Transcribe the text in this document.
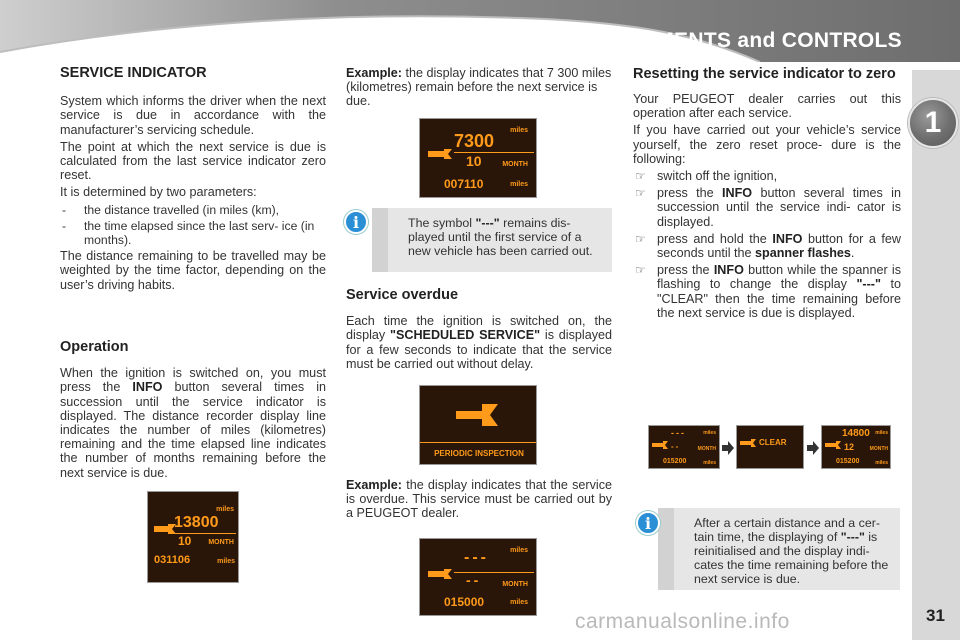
INSTRUMENTS and CONTROLS
1
SERVICE INDICATOR

System which informs the driver when the next service is due in accordance with the manufacturer’s servicing schedule.

The point at which the next service is due is calculated from the last service indicator zero reset.

It is determined by two parameters:

- the distance travelled (in miles (km),
- the time elapsed since the last serv- ice (in months).

The distance remaining to be travelled may be weighted by the time factor, depending on the user’s driving habits.

Operation

When the ignition is switched on, you must press the INFO button several times in succession until the service indicator is displayed. The distance recorder display line indicates the number of miles (kilometres) remaining and the time elapsed line indicates the number of months remaining before the next service is due.

miles
13800
10 MONTH
031106	miles

Example: the display indicates that 7 300 miles (kilometres) remain before the next service is due.

miles
7300
10	MONTH
007110	miles
The symbol "---" remains dis- played until the first service of a new vehicle has been carried out.
i
Service overdue

Each time the ignition is switched on, the display "SCHEDULED SERVICE" is displayed for a few seconds to indicate that the service must be carried out without delay.

PERIODIC INSPECTION

Example: the display indicates that the service is overdue. This service must be carried out by a PEUGEOT dealer.

miles
---
--	MONTH
015000	miles
Resetting the service indicator to zero

Your PEUGEOT dealer carries out this operation after each service.

If you have carried out your vehicle’s service yourself, the zero reset proce- dure is the following:

☞ switch off the ignition,
☞ press the INFO button several times in succession until the service indi- cator is displayed.
☞ press and hold the INFO button for a few seconds until the spanner flashes.
☞ press the INFO button while the spanner is flashing to change the display "---" to "CLEAR" then the time remaining before the next service is due is displayed.
---	miles
--	MONTH
015200	miles
CLEAR
14800 miles
12	MONTH
015200	miles
After a certain distance and a cer- tain time, the displaying of "---" is reinitialised and the display indi- cates the time remaining before the next service is due.
i
31
carmanualsonline.info
